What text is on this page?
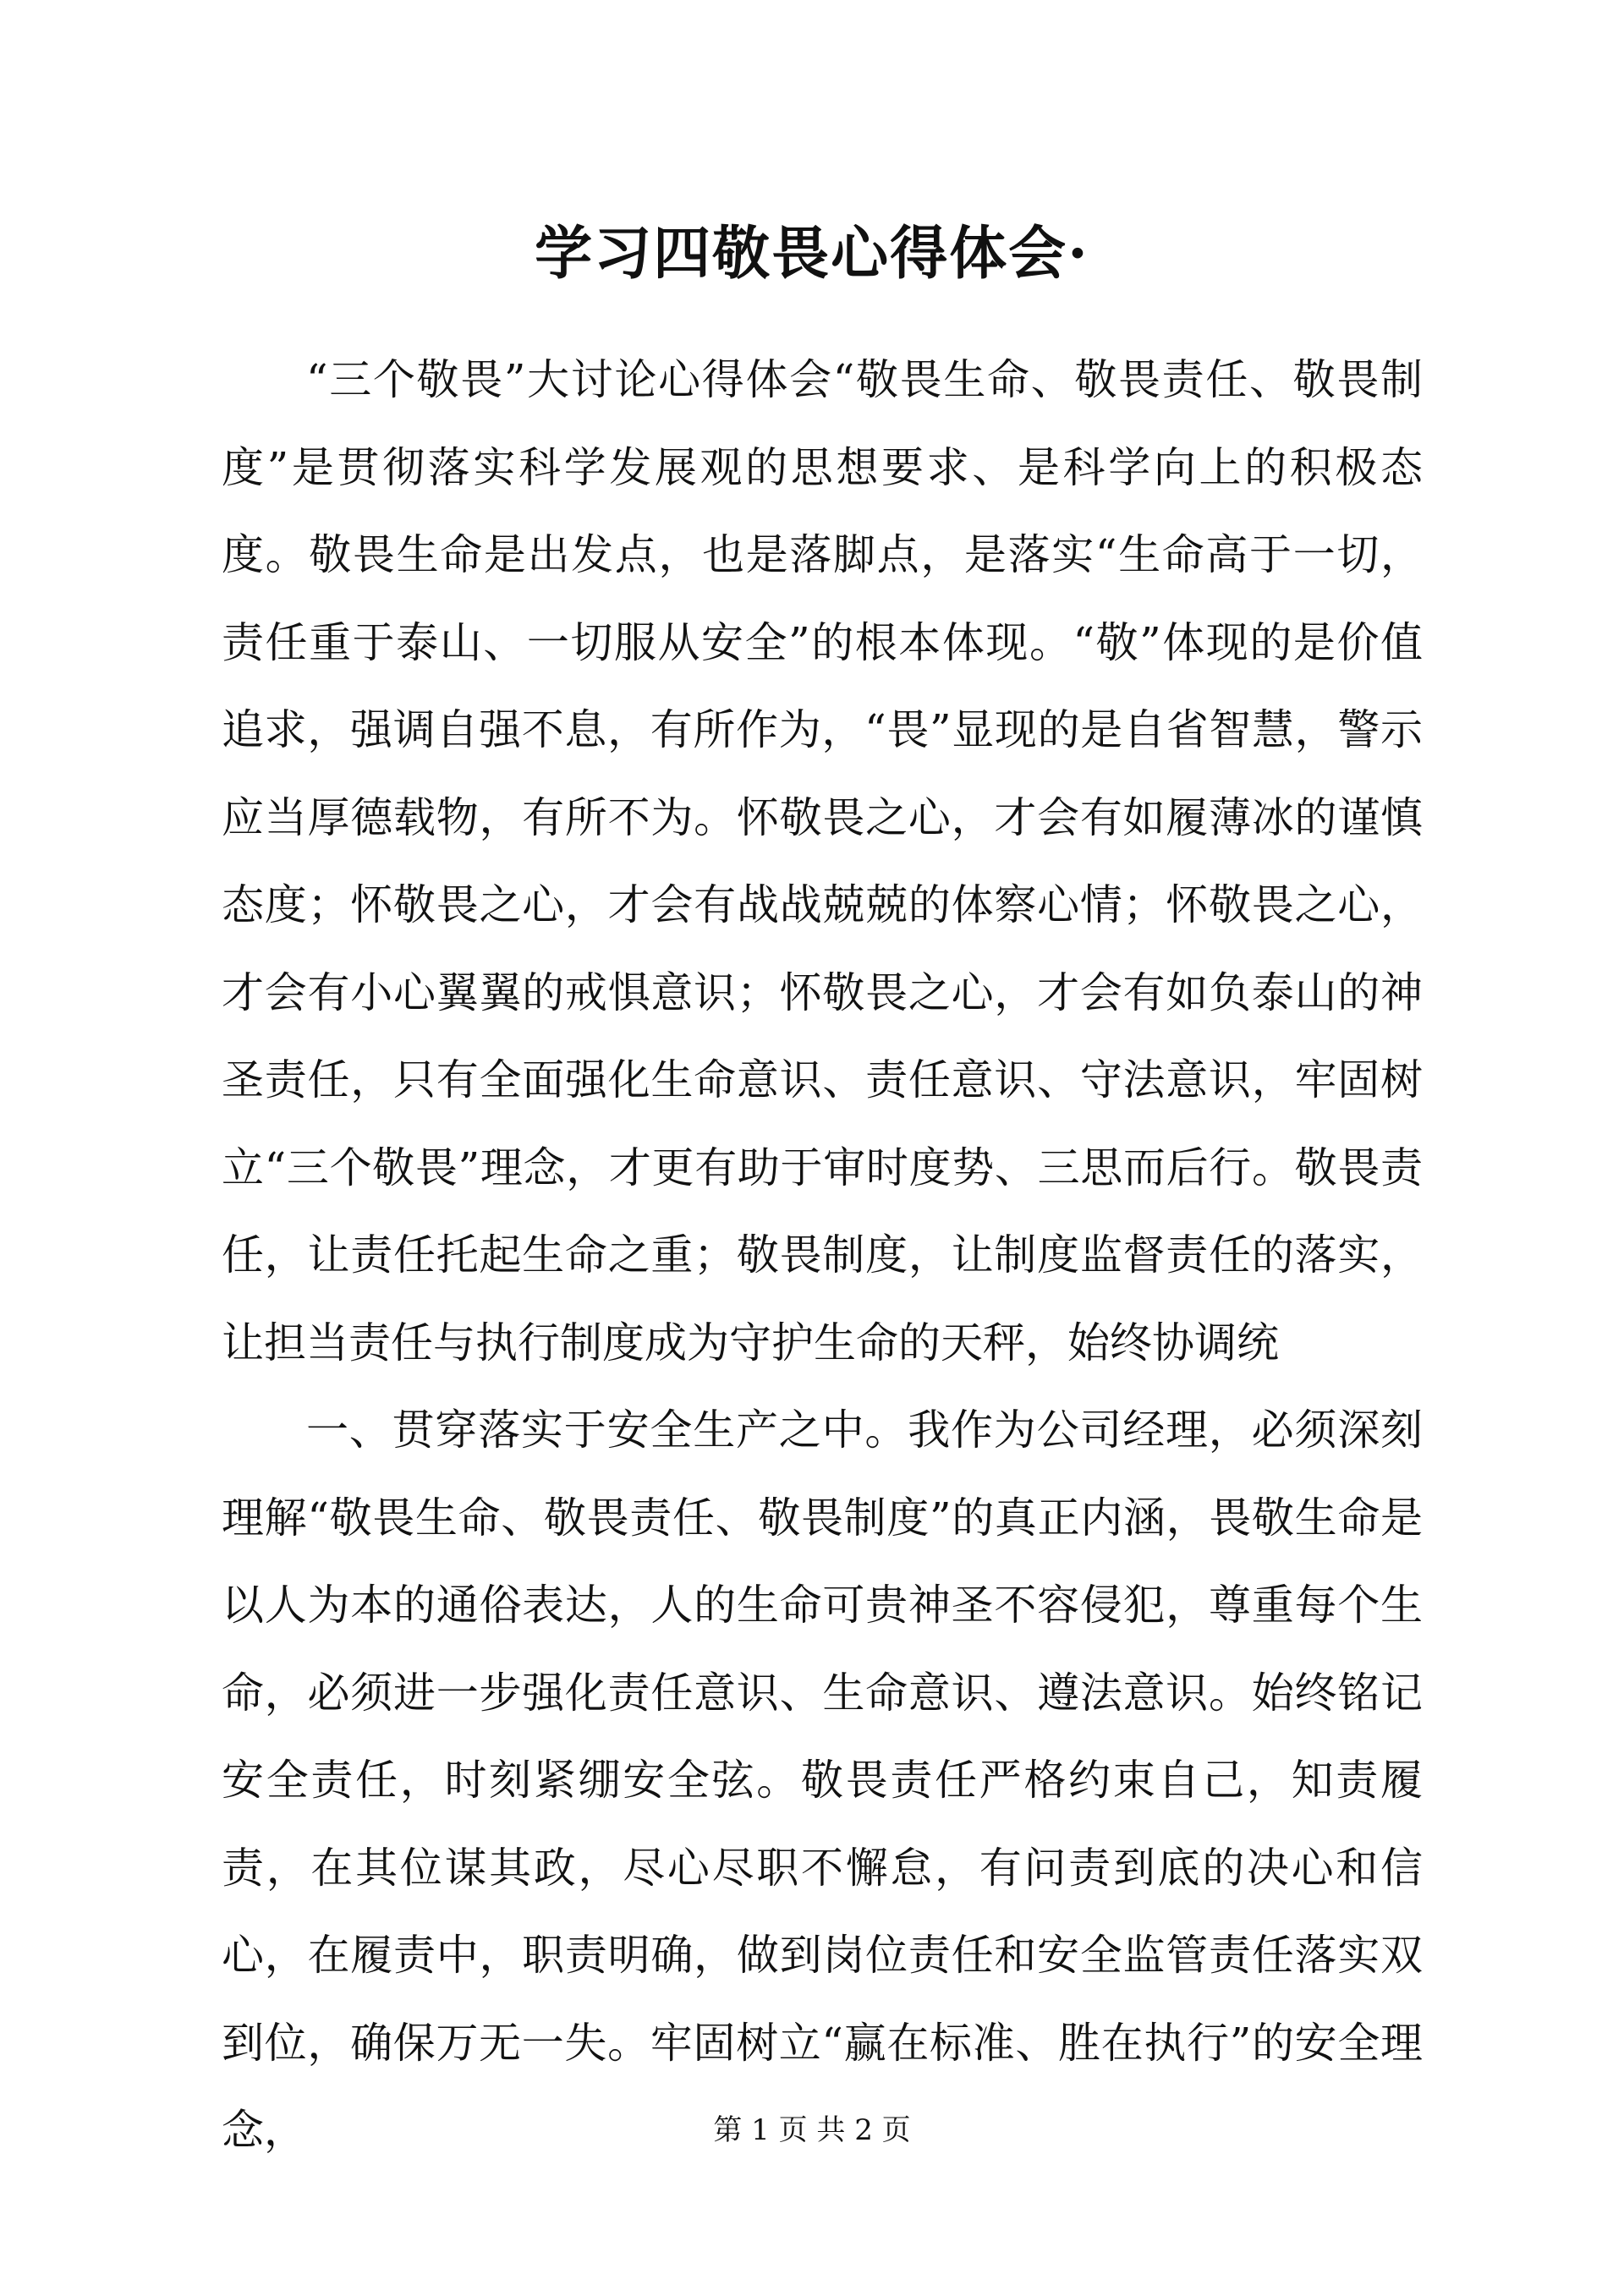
学习四敬畏心得体会·

“三个敬畏”大讨论心得体会“敬畏生命、敬畏责任、敬畏制度”是贯彻落实科学发展观的思想要求、是科学向上的积极态度。敬畏生命是出发点，也是落脚点，是落实“生命高于一切，责任重于泰山、一切服从安全”的根本体现。“敬”体现的是价值追求，强调自强不息，有所作为，“畏”显现的是自省智慧，警示应当厚德载物，有所不为。怀敬畏之心，才会有如履薄冰的谨慎态度；怀敬畏之心，才会有战战兢兢的体察心情；怀敬畏之心，才会有小心翼翼的戒惧意识；怀敬畏之心，才会有如负泰山的神圣责任，只有全面强化生命意识、责任意识、守法意识，牢固树立“三个敬畏”理念，才更有助于审时度势、三思而后行。敬畏责任，让责任托起生命之重；敬畏制度，让制度监督责任的落实，让担当责任与执行制度成为守护生命的天秤，始终协调统

一、贯穿落实于安全生产之中。我作为公司经理，必须深刻理解“敬畏生命、敬畏责任、敬畏制度”的真正内涵，畏敬生命是以人为本的通俗表达，人的生命可贵神圣不容侵犯，尊重每个生命，必须进一步强化责任意识、生命意识、遵法意识。始终铭记安全责任，时刻紧绷安全弦。敬畏责任严格约束自己，知责履责，在其位谋其政，尽心尽职不懈怠，有问责到底的决心和信心，在履责中，职责明确，做到岗位责任和安全监管责任落实双到位，确保万无一失。牢固树立“赢在标准、胜在执行”的安全理念，	第 1 页 共 2 页
